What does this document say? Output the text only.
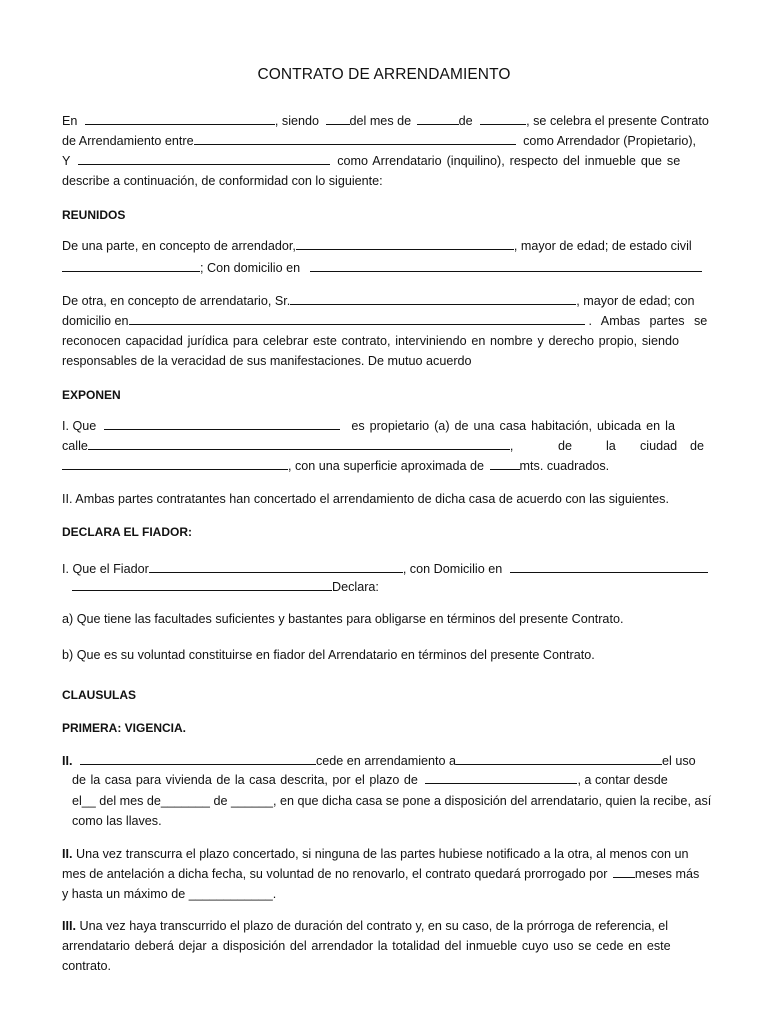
CONTRATO DE ARRENDAMIENTO
En	, siendo del mes de	de	, se celebra el presente Contrato
de Arrendamiento entre	como Arrendador (Propietario),
Y	como Arrendatario (inquilino), respecto del inmueble que se
describe a continuación, de conformidad con lo siguiente:
REUNIDOS
De una parte, en concepto de arrendador,	, mayor de edad; de estado civil
; Con domicilio en
De otra, en concepto de arrendatario, Sr.	, mayor de edad; con
domicilio en	. Ambas partes se
reconocen capacidad jurídica para celebrar este contrato, interviniendo en nombre y derecho propio, siendo
responsables de la veracidad de sus manifestaciones. De mutuo acuerdo
EXPONEN
I. Que	es propietario (a) de una casa habitación, ubicada en la
calle	,	de	la ciudad de
, con una superficie aproximada de	mts. cuadrados.
II. Ambas partes contratantes han concertado el arrendamiento de dicha casa de acuerdo con las siguientes.
DECLARA EL FIADOR:
I. Que el Fiador	, con Domicilio en
Declara:
a) Que tiene las facultades suficientes y bastantes para obligarse en términos del presente Contrato.
b) Que es su voluntad constituirse en fiador del Arrendatario en términos del presente Contrato.
CLAUSULAS
PRIMERA: VIGENCIA.
II.	cede en arrendamiento a	el uso
de la casa para vivienda de la casa descrita, por el plazo de	, a contar desde
el__ del mes de_______ de ______, en que dicha casa se pone a disposición del arrendatario, quien la recibe, así
como las llaves.
II. Una vez transcurra el plazo concertado, si ninguna de las partes hubiese notificado a la otra, al menos con un
mes de antelación a dicha fecha, su voluntad de no renovarlo, el contrato quedará prorrogado por meses más
y hasta un máximo de ____________.
III. Una vez haya transcurrido el plazo de duración del contrato y, en su caso, de la prórroga de referencia, el
arrendatario deberá dejar a disposición del arrendador la totalidad del inmueble cuyo uso se cede en este
contrato.
